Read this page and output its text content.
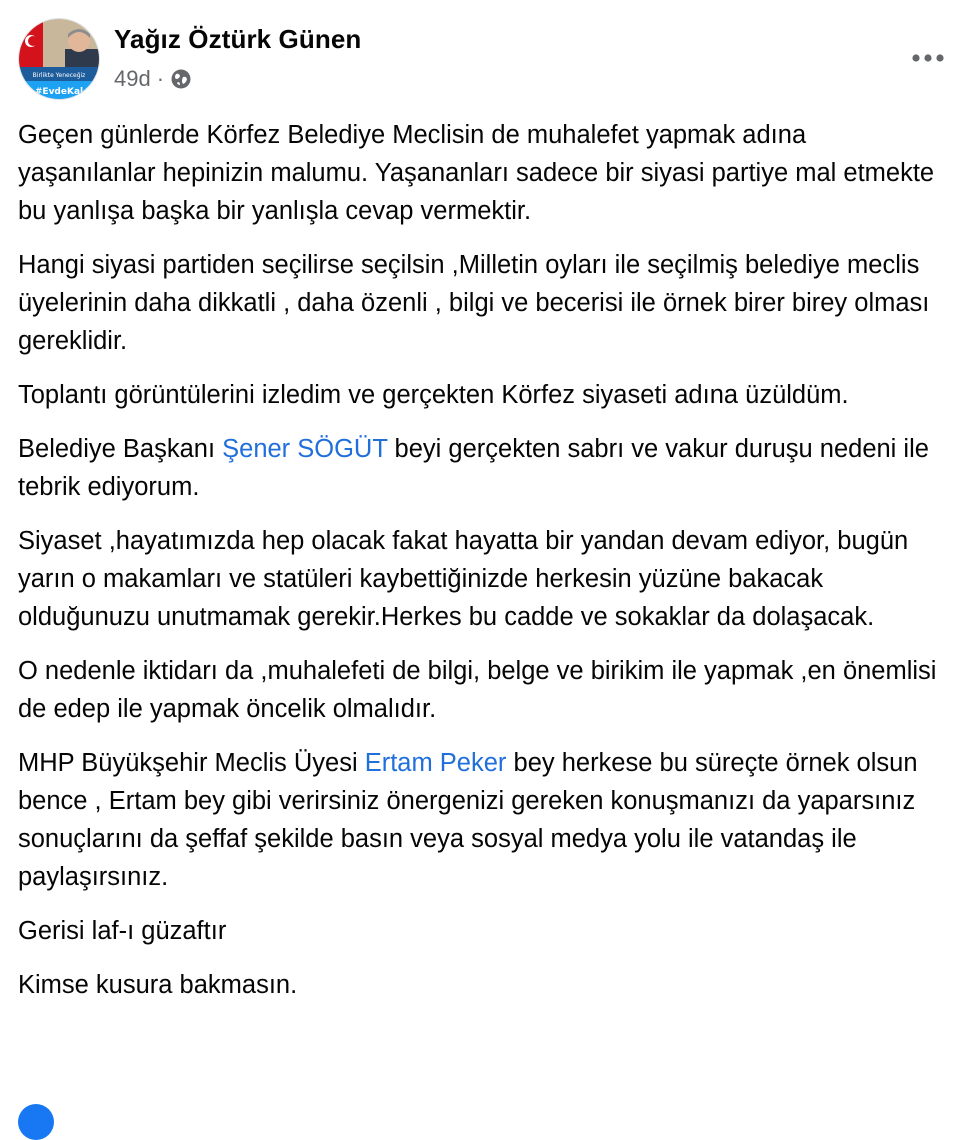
Birlikte Yeneceğiz
#EvdeKal
Yağız Öztürk Günen
49d ·

Geçen günlerde Körfez Belediye Meclisin de muhalefet yapmak adına yaşanılanlar hepinizin malumu. Yaşananları sadece bir siyasi partiye mal etmekte bu yanlışa başka bir yanlışla cevap vermektir.

Hangi siyasi partiden seçilirse seçilsin ,Milletin oyları ile seçilmiş belediye meclis üyelerinin daha dikkatli , daha özenli , bilgi ve becerisi ile örnek birer birey olması gereklidir.

Toplantı görüntülerini izledim ve gerçekten Körfez siyaseti adına üzüldüm.

Belediye Başkanı Şener SÖGÜT beyi gerçekten sabrı ve vakur duruşu nedeni ile tebrik ediyorum.

Siyaset ,hayatımızda hep olacak fakat hayatta bir yandan devam ediyor, bugün yarın o makamları ve statüleri kaybettiğinizde herkesin yüzüne bakacak olduğunuzu unutmamak gerekir.Herkes bu cadde ve sokaklar da dolaşacak.

O nedenle iktidarı da ,muhalefeti de bilgi, belge ve birikim ile yapmak ,en önemlisi de edep ile yapmak öncelik olmalıdır.

MHP Büyükşehir Meclis Üyesi Ertam Peker bey herkese bu süreçte örnek olsun bence , Ertam bey gibi verirsiniz önergenizi gereken konuşmanızı da yaparsınız sonuçlarını da şeffaf şekilde basın veya sosyal medya yolu ile vatandaş ile paylaşırsınız.

Gerisi laf-ı güzaftır

Kimse kusura bakmasın.
